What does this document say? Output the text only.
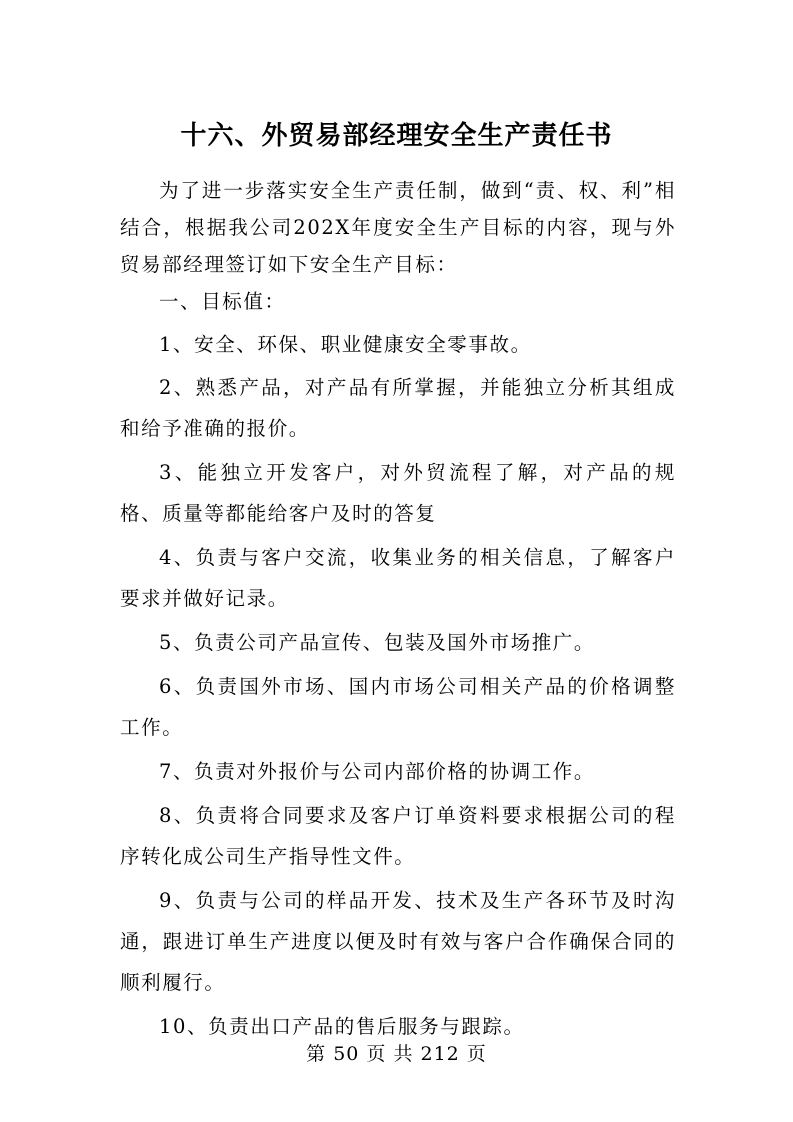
十六、外贸易部经理安全生产责任书

为了进一步落实安全生产责任制，做到“责、权、利”相结合，根据我公司202X年度安全生产目标的内容，现与外贸易部经理签订如下安全生产目标：

一、目标值：

1、安全、环保、职业健康安全零事故。

2、熟悉产品，对产品有所掌握，并能独立分析其组成和给予准确的报价。

3、能独立开发客户，对外贸流程了解，对产品的规格、质量等都能给客户及时的答复

4、负责与客户交流，收集业务的相关信息，了解客户要求并做好记录。

5、负责公司产品宣传、包装及国外市场推广。

6、负责国外市场、国内市场公司相关产品的价格调整工作。

7、负责对外报价与公司内部价格的协调工作。

8、负责将合同要求及客户订单资料要求根据公司的程序转化成公司生产指导性文件。

9、负责与公司的样品开发、技术及生产各环节及时沟通，跟进订单生产进度以便及时有效与客户合作确保合同的顺利履行。

10、负责出口产品的售后服务与跟踪。

第 50 页 共 212 页
